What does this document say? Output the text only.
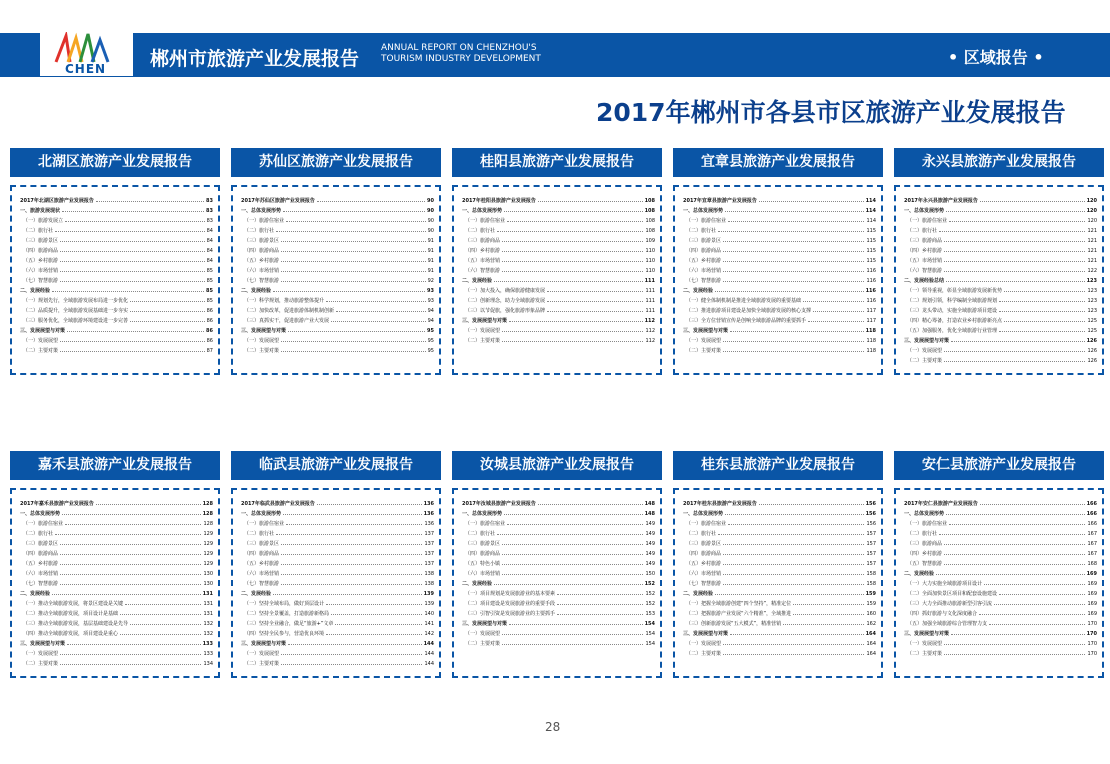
CHEN 郴州市旅游产业发展报告 ANNUAL REPORT ON CHENZHOU'S
TOURISM INDUSTRY DEVELOPMENT	• 区域报告 •
2017年郴州市各县市区旅游产业发展报告
北湖区旅游产业发展报告
2017年北湖区旅游产业发展报告	83
一、旅游发展现状	83
（一）旅游发展立	83
（二）旅行社	84
（三）旅游景区	84
（四）旅游商品	84
（五）乡村旅游	84
（六）市场营销	85
（七）智慧旅游	85
二、发展经验	85
（一）规划先行，全域旅游发展布局进一步优化	85
（二）品质提升，全域旅游发展基础进一步夯实	86
（三）服务优化，全域旅游环境建设进一步完善	86
三、发展展望与对策	86
（一）发展展望	86
（二）主要对策	87
苏仙区旅游产业发展报告
2017年苏仙区旅游产业发展报告	90
一、总体发展形势	90
（一）旅游住宿业	90
（二）旅行社	90
（三）旅游景区	91
（四）旅游商品	91
（五）乡村旅游	91
（六）市场营销	91
（七）智慧旅游	92
二、发展经验	93
（一）科学规划，推动旅游整体提升	93
（二）加快改革，促进旅游体制机制创新	94
（三）真抓实干，促进旅游产业大发展	94
三、发展展望与对策	95
（一）发展展望	95
（二）主要对策	95
桂阳县旅游产业发展报告
2017年桂阳县旅游产业发展报告	108
一、总体发展形势	108
（一）旅游住宿业	108
（二）旅行社	108
（三）旅游商品	109
（四）乡村旅游	110
（五）市场营销	110
（六）智慧旅游	110
二、发展经验	111
（一）加大投入，确保旅游健康发展	111
（二）创新理念，助力全域旅游发展	111
（三）以节促旅，强化旅游形象品牌	111
三、发展展望与对策	112
（一）发展展望	112
（二）主要对策	112
宜章县旅游产业发展报告
2017年宜章县旅游产业发展报告	114
一、总体发展形势	114
（一）旅游住宿业	114
（二）旅行社	115
（三）旅游景区	115
（四）旅游商品	115
（五）乡村旅游	115
（六）市场营销	116
（七）智慧旅游	116
二、发展经验	116
（一）健全体制机制是推进全域旅游发展的重要基础	116
（二）推进旅游项目建设是加快全域旅游发展的核心支撑	117
（三）全方位营销宣传是创响全域旅游品牌的重要抓手	117
三、发展展望与对策	118
（一）发展展望	118
（二）主要对策	118
永兴县旅游产业发展报告
2017年永兴县旅游产业发展报告	120
一、总体发展形势	120
（一）旅游住宿业	120
（二）旅行社	121
（三）旅游商品	121
（四）乡村旅游	121
（五）市场营销	121
（六）智慧旅游	122
二、发展经验总结	123
（一）领导重视，彰显全域旅游发展新优势	123
（二）规划引领，科学编制全域旅游规划	123
（三）龙头带动，实施全域旅游项目建设	123
（四）精心筹备，打造农业乡村旅游新亮点	125
（五）加强服务，优化全域旅游行业管理	125
三、发展展望与对策	126
（一）发展展望	126
（二）主要对策	126
嘉禾县旅游产业发展报告
2017年嘉禾县旅游产业发展报告	128
一、总体发展形势	128
（一）旅游住宿业	128
（二）旅行社	129
（三）旅游景区	129
（四）旅游商品	129
（五）乡村旅游	129
（六）市场营销	130
（七）智慧旅游	130
二、发展经验	131
（一）推动全域旅游发展，将景区建设是关键	131
（二）推动全域旅游发展，项目设计是基础	131
（三）推动全域旅游发展，基层基础建设是先导	132
（四）推动全域旅游发展，项目建设是重心	132
三、发展展望与对策	133
（一）发展展望	133
（二）主要对策	134
临武县旅游产业发展报告
2017年临武县旅游产业发展报告	136
一、总体发展形势	136
（一）旅游住宿业	136
（二）旅行社	137
（三）旅游景区	137
（四）旅游商品	137
（五）乡村旅游	137
（六）市场营销	138
（七）智慧旅游	138
二、发展经验	139
（一）坚持全域布局，做好顶层设计	139
（二）坚持全景覆盖，打造旅游新格局	140
（三）坚持全业融合，做足“旅游+”文章	141
（四）坚持全民参与，营造优良环境	142
三、发展展望与对策	144
（一）发展展望	144
（二）主要对策	144
汝城县旅游产业发展报告
2017年汝城县旅游产业发展报告	148
一、总体发展形势	148
（一）旅游住宿业	149
（二）旅行社	149
（三）旅游景区	149
（四）旅游商品	149
（五）特色小镇	149
（六）市场营销	150
二、发展经验	152
（一）项目规划是发展旅游业的基本要素	152
（二）项目建设是发展旅游业的重要手段	152
（三）引智引资是发展旅游业的主要抓手	153
三、发展展望与对策	154
（一）发展展望	154
（二）主要对策	154
桂东县旅游产业发展报告
2017年桂东县旅游产业发展报告	156
一、总体发展形势	156
（一）旅游住宿业	156
（二）旅行社	157
（三）旅游景区	157
（四）旅游商品	157
（五）乡村旅游	157
（六）市场营销	158
（七）智慧旅游	158
二、发展经验	159
（一）把握全域旅游创建“四个坚持”，精准定位	159
（二）把握旅游产业发展“六个精准”，全域推进	160
（三）创新旅游发展“五大模式”，精准营销	162
三、发展展望与对策	164
（一）发展展望	164
（二）主要对策	164
安仁县旅游产业发展报告
2017年安仁县旅游产业发展报告	166
一、总体发展形势	166
（一）旅游住宿业	166
（二）旅行社	167
（三）旅游商品	167
（四）乡村旅游	167
（五）智慧旅游	168
二、发展经验	169
（一）大力实施全域旅游项目设计	169
（二）全面加快景区项目和配套设施建设	169
（三）大力全面推动旅游新型引客引流	169
（四）抓好旅游与文化深度融合	169
（五）加强全域旅游综合管理智力支	170
三、发展展望与对策	170
（一）发展展望	170
（二）主要对策	170
28
